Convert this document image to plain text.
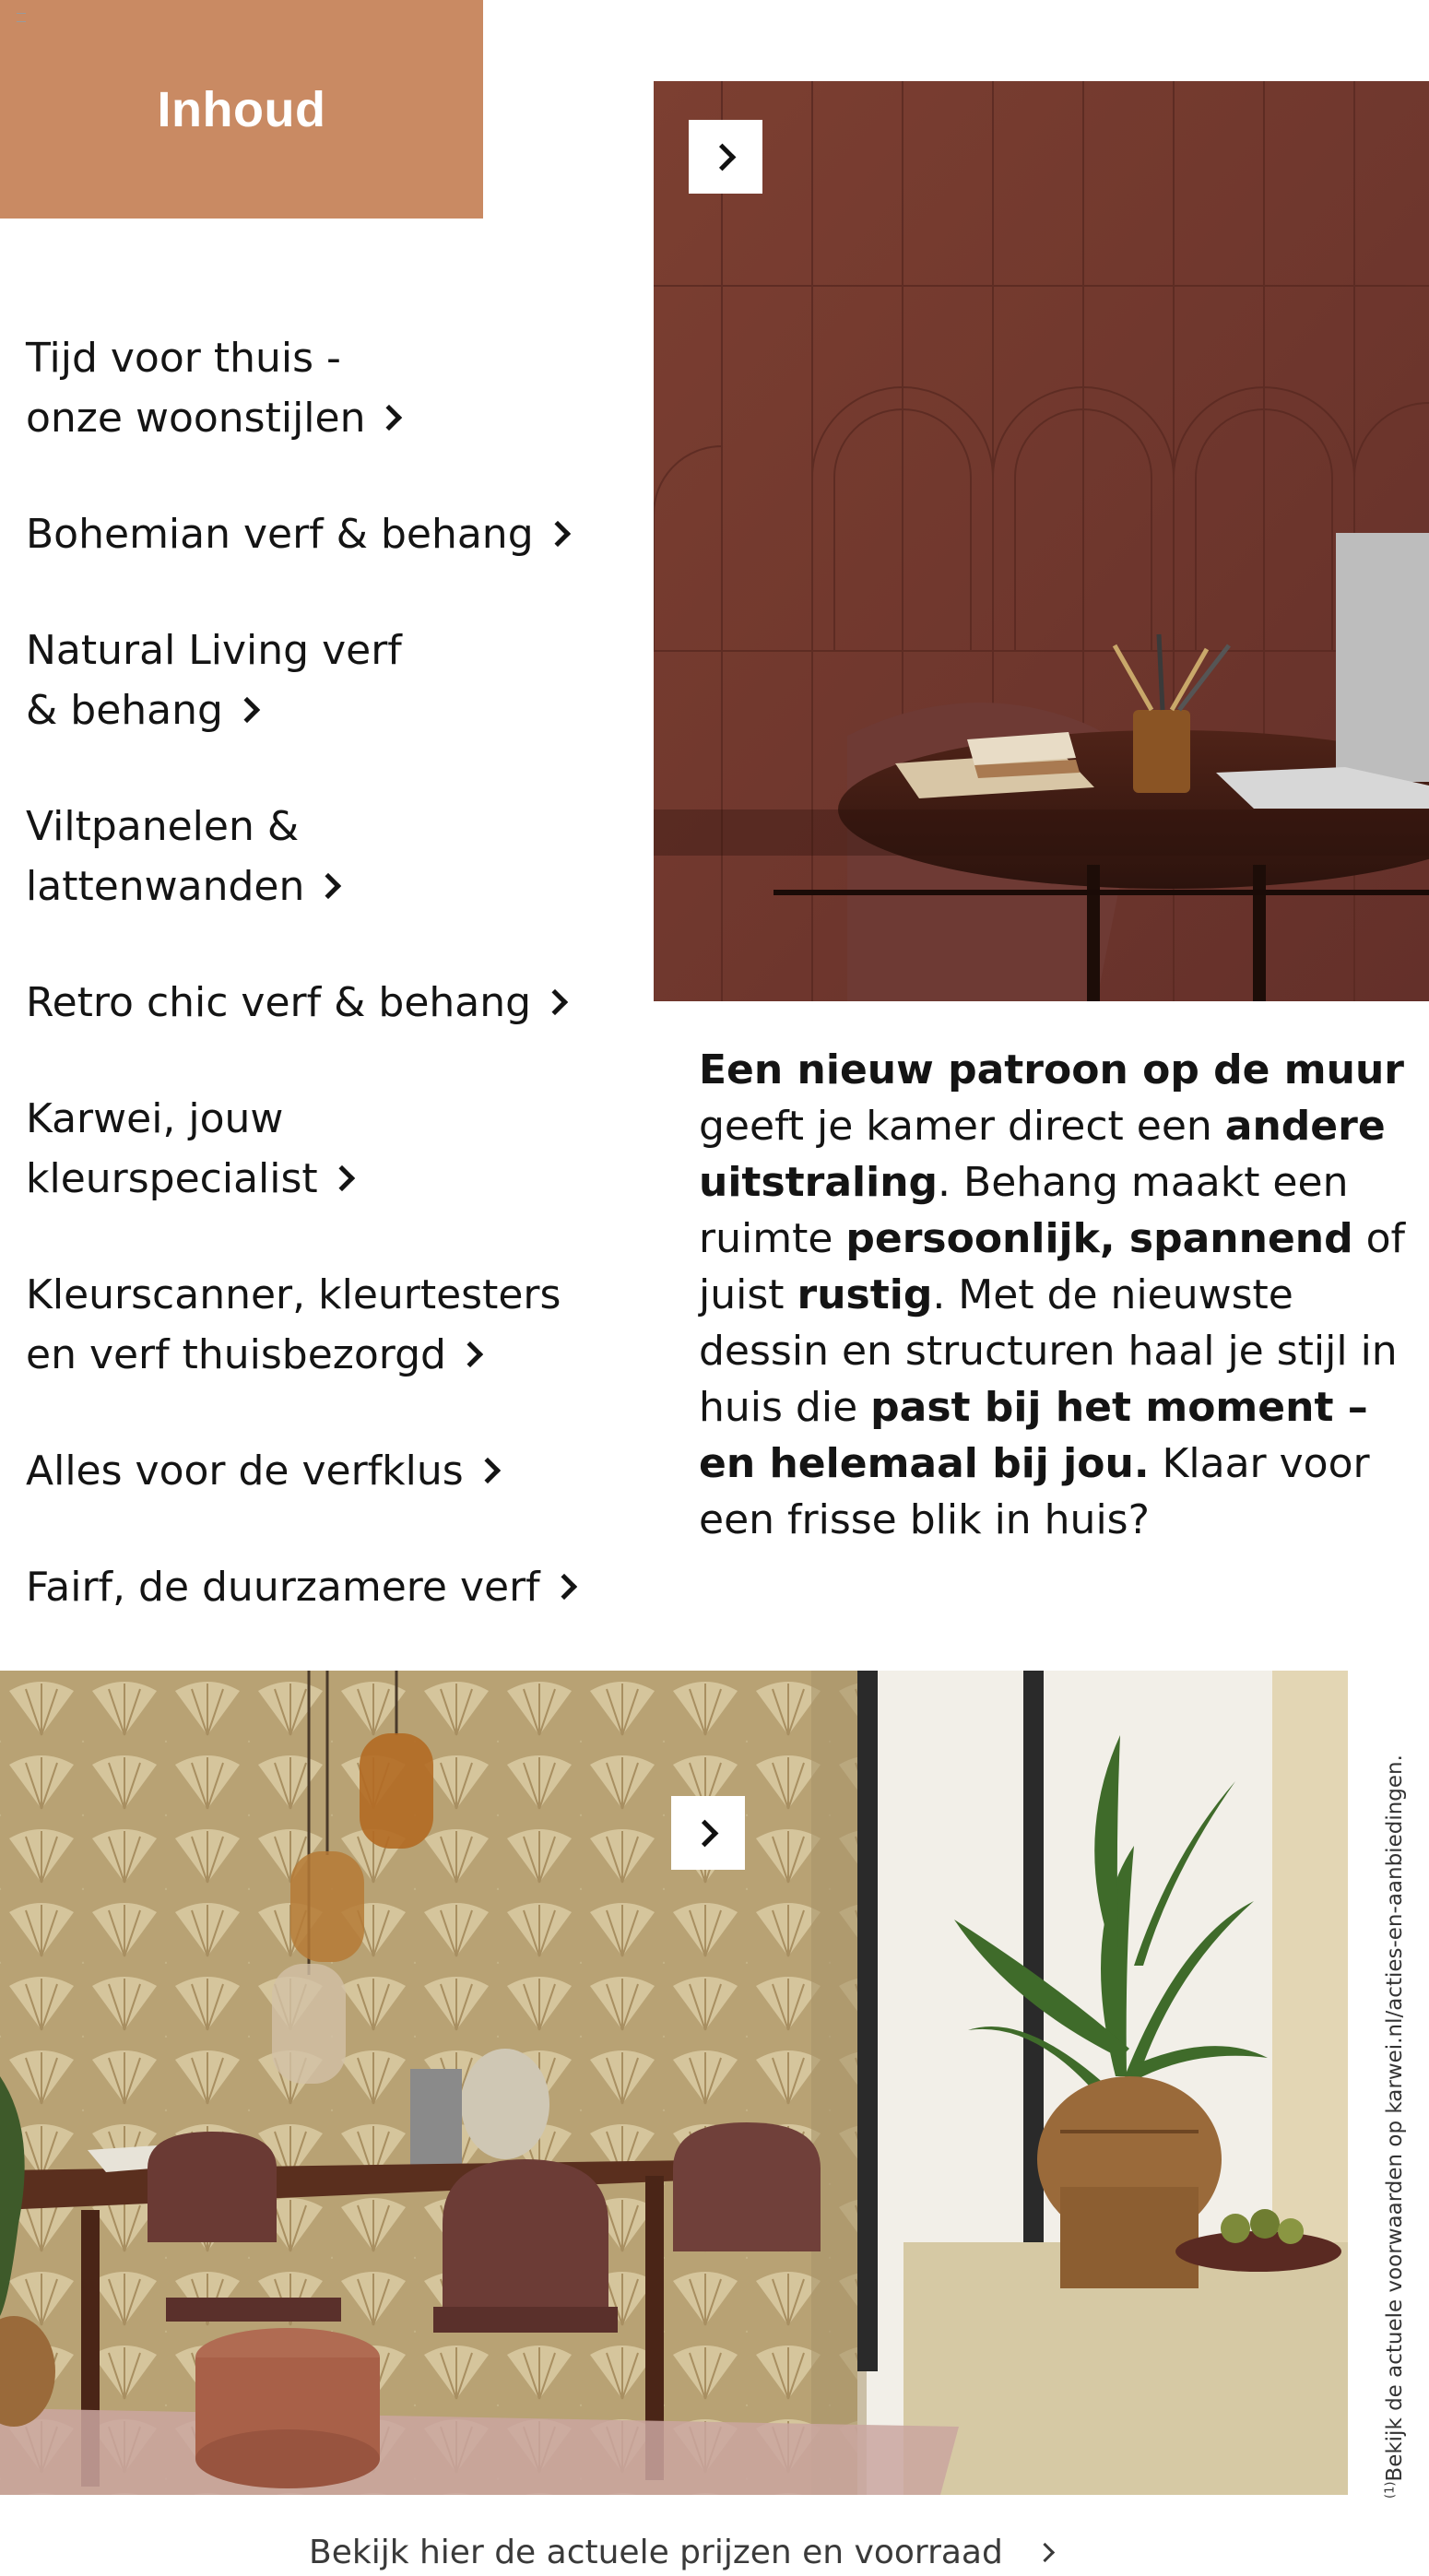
Inhoud
Tijd voor thuis -
onze woonstijlen
Bohemian verf & behang
Natural Living verf
& behang
Viltpanelen &
lattenwanden
Retro chic verf & behang
Karwei, jouw
kleurspecialist
Kleurscanner, kleurtesters
en verf thuisbezorgd
Alles voor de verfklus
Fairf, de duurzamere verf
Een nieuw patroon op de muur geeft je kamer direct een andere uitstraling. Behang maakt een ruimte persoonlijk, spannend of juist rustig. Met de nieuwste dessin en structuren haal je stijl in huis die past bij het moment – en helemaal bij jou. Klaar voor een frisse blik in huis?
$^{(1)}$Bekijk de actuele voorwaarden op karwei.nl/acties-en-aanbiedingen.
Bekijk hier de actuele prijzen en voorraad
